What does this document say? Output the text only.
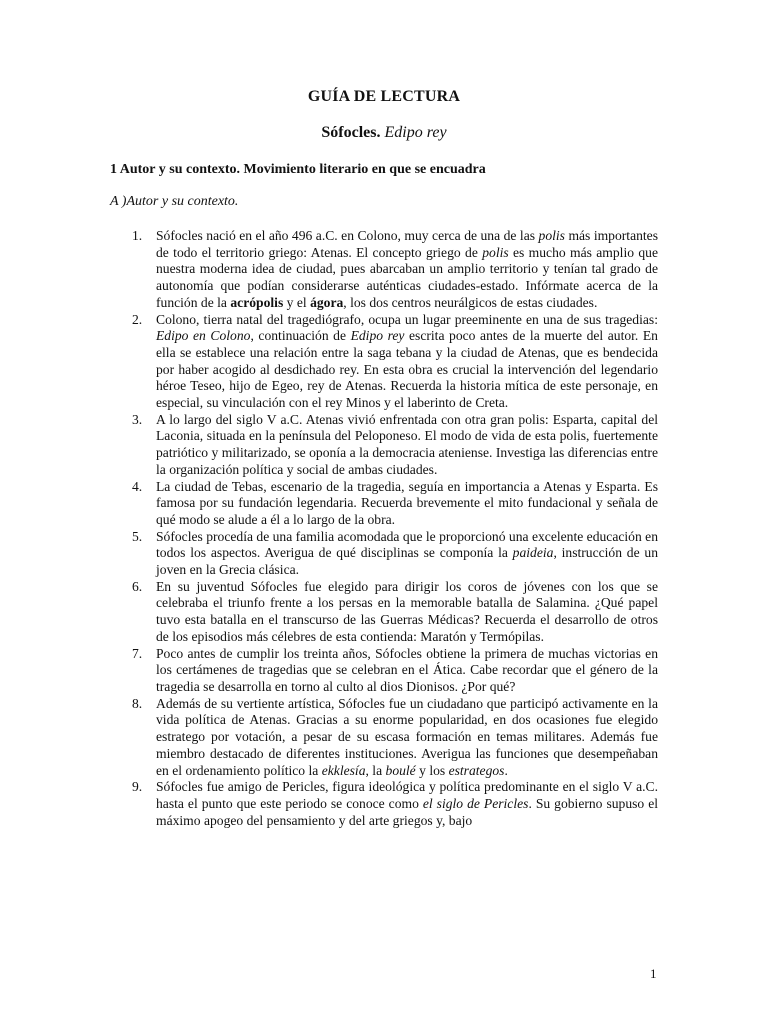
GUÍA DE LECTURA
Sófocles. Edipo rey
1 Autor y su contexto. Movimiento literario en que se encuadra
A )Autor y su contexto.
1. Sófocles nació en el año 496 a.C. en Colono, muy cerca de una de las polis más importantes de todo el territorio griego: Atenas. El concepto griego de polis es mucho más amplio que nuestra moderna idea de ciudad, pues abarcaban un amplio territorio y tenían tal grado de autonomía que podían considerarse auténticas ciudades-estado. Infórmate acerca de la función de la acrópolis y el ágora, los dos centros neurálgicos de estas ciudades.
2. Colono, tierra natal del tragediógrafo, ocupa un lugar preeminente en una de sus tragedias: Edipo en Colono, continuación de Edipo rey escrita poco antes de la muerte del autor. En ella se establece una relación entre la saga tebana y la ciudad de Atenas, que es bendecida por haber acogido al desdichado rey. En esta obra es crucial la intervención del legendario héroe Teseo, hijo de Egeo, rey de Atenas. Recuerda la historia mítica de este personaje, en especial, su vinculación con el rey Minos y el laberinto de Creta.
3. A lo largo del siglo V a.C. Atenas vivió enfrentada con otra gran polis: Esparta, capital del Laconia, situada en la península del Peloponeso. El modo de vida de esta polis, fuertemente patriótico y militarizado, se oponía a la democracia ateniense. Investiga las diferencias entre la organización política y social de ambas ciudades.
4. La ciudad de Tebas, escenario de la tragedia, seguía en importancia a Atenas y Esparta. Es famosa por su fundación legendaria. Recuerda brevemente el mito fundacional y señala de qué modo se alude a él a lo largo de la obra.
5. Sófocles procedía de una familia acomodada que le proporcionó una excelente educación en todos los aspectos. Averigua de qué disciplinas se componía la paideia, instrucción de un joven en la Grecia clásica.
6. En su juventud Sófocles fue elegido para dirigir los coros de jóvenes con los que se celebraba el triunfo frente a los persas en la memorable batalla de Salamina. ¿Qué papel tuvo esta batalla en el transcurso de las Guerras Médicas? Recuerda el desarrollo de otros de los episodios más célebres de esta contienda: Maratón y Termópilas.
7. Poco antes de cumplir los treinta años, Sófocles obtiene la primera de muchas victorias en los certámenes de tragedias que se celebran en el Ática. Cabe recordar que el género de la tragedia se desarrolla en torno al culto al dios Dionisos. ¿Por qué?
8. Además de su vertiente artística, Sófocles fue un ciudadano que participó activamente en la vida política de Atenas. Gracias a su enorme popularidad, en dos ocasiones fue elegido estratego por votación, a pesar de su escasa formación en temas militares. Además fue miembro destacado de diferentes instituciones. Averigua las funciones que desempeñaban en el ordenamiento político la ekklesía, la boulé y los estrategos.
9. Sófocles fue amigo de Pericles, figura ideológica y política predominante en el siglo V a.C. hasta el punto que este periodo se conoce como el siglo de Pericles. Su gobierno supuso el máximo apogeo del pensamiento y del arte griegos y, bajo
1
